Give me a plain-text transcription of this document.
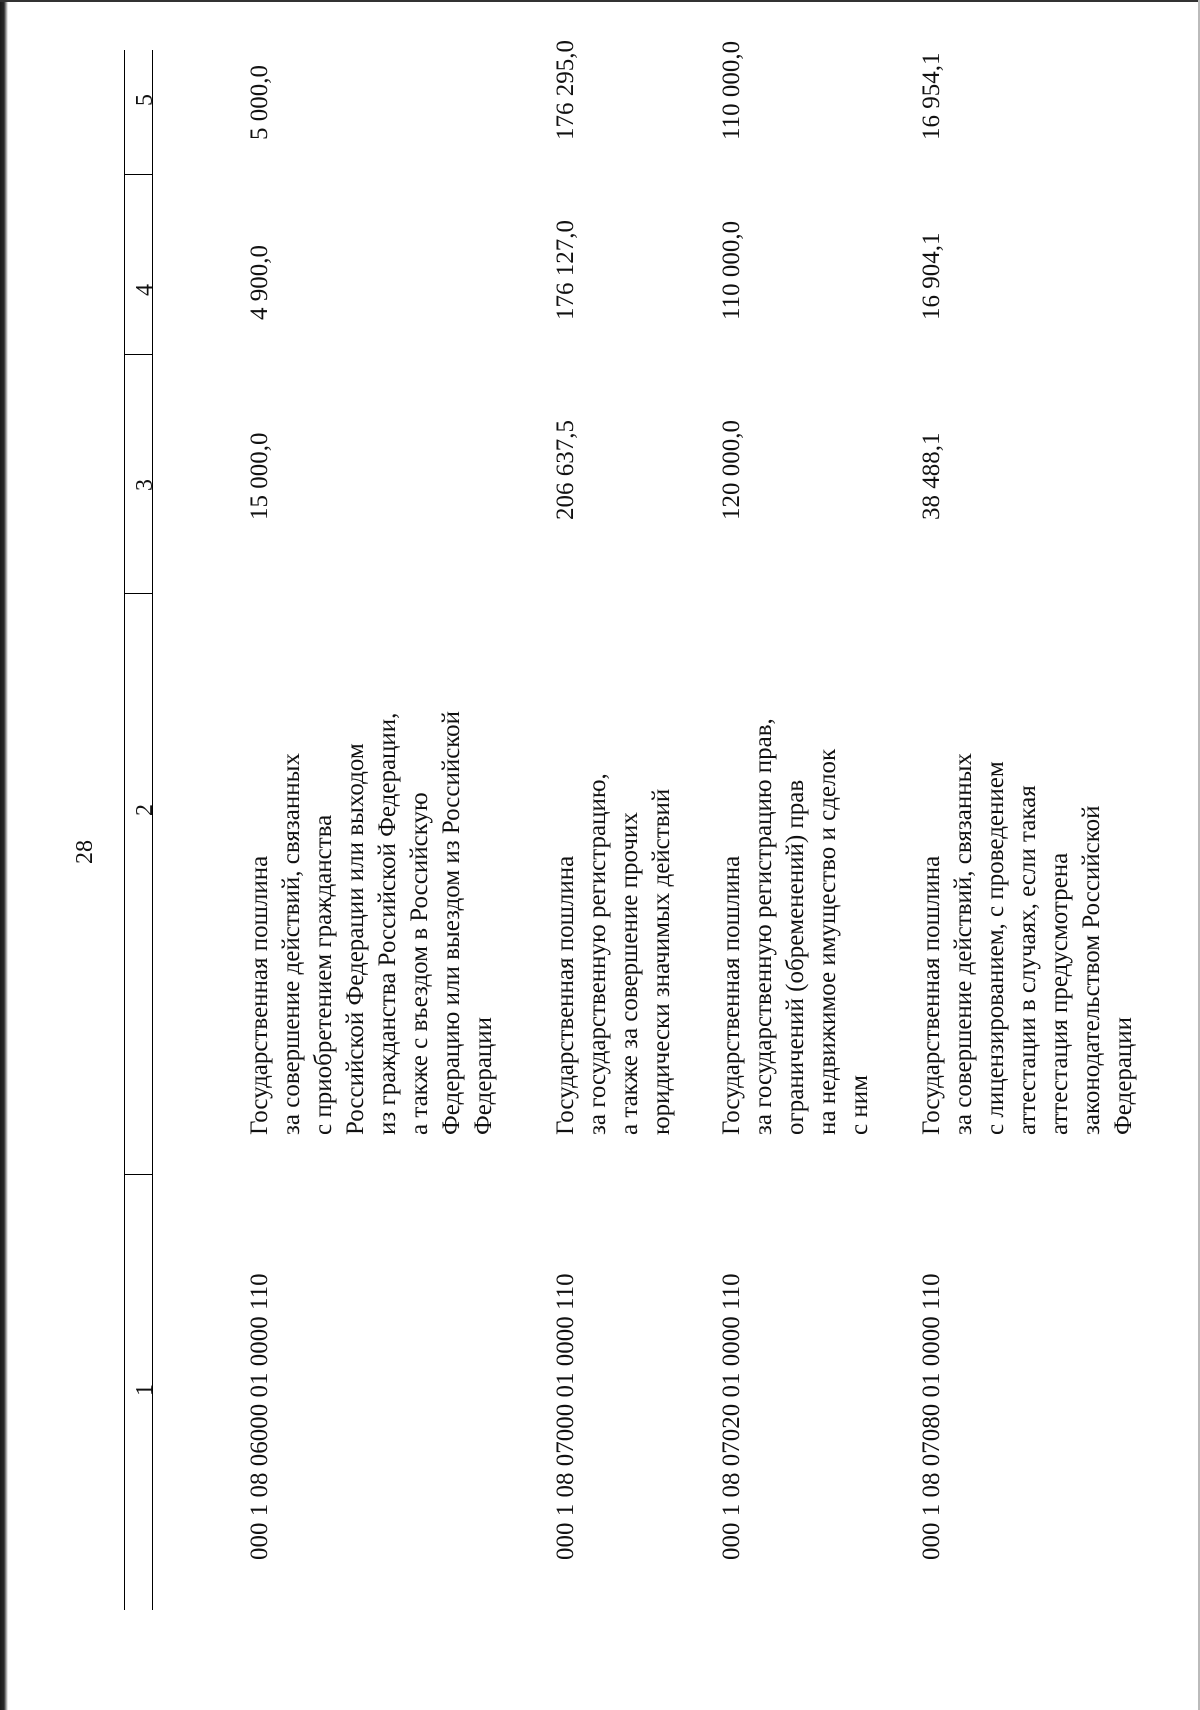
28
1
2
3
4
5
000 1 08 06000 01 0000 110
Государственная пошлина за совершение действий, связанных с приобретением гражданства Российской Федерации или выходом из гражданства Российской Федерации, а также с въездом в Российскую Федерацию или выездом из Российской Федерации
15 000,0
4 900,0
5 000,0
000 1 08 07000 01 0000 110
Государственная пошлина за государственную регистрацию, а также за совершение прочих юридически значимых действий
206 637,5
176 127,0
176 295,0
000 1 08 07020 01 0000 110
Государственная пошлина за государственную регистрацию прав, ограничений (обременений) прав на недвижимое имущество и сделок с ним
120 000,0
110 000,0
110 000,0
000 1 08 07080 01 0000 110
Государственная пошлина за совершение действий, связанных с лицензированием, с проведением аттестации в случаях, если такая аттестация предусмотрена законодательством Российской Федерации
38 488,1
16 904,1
16 954,1
